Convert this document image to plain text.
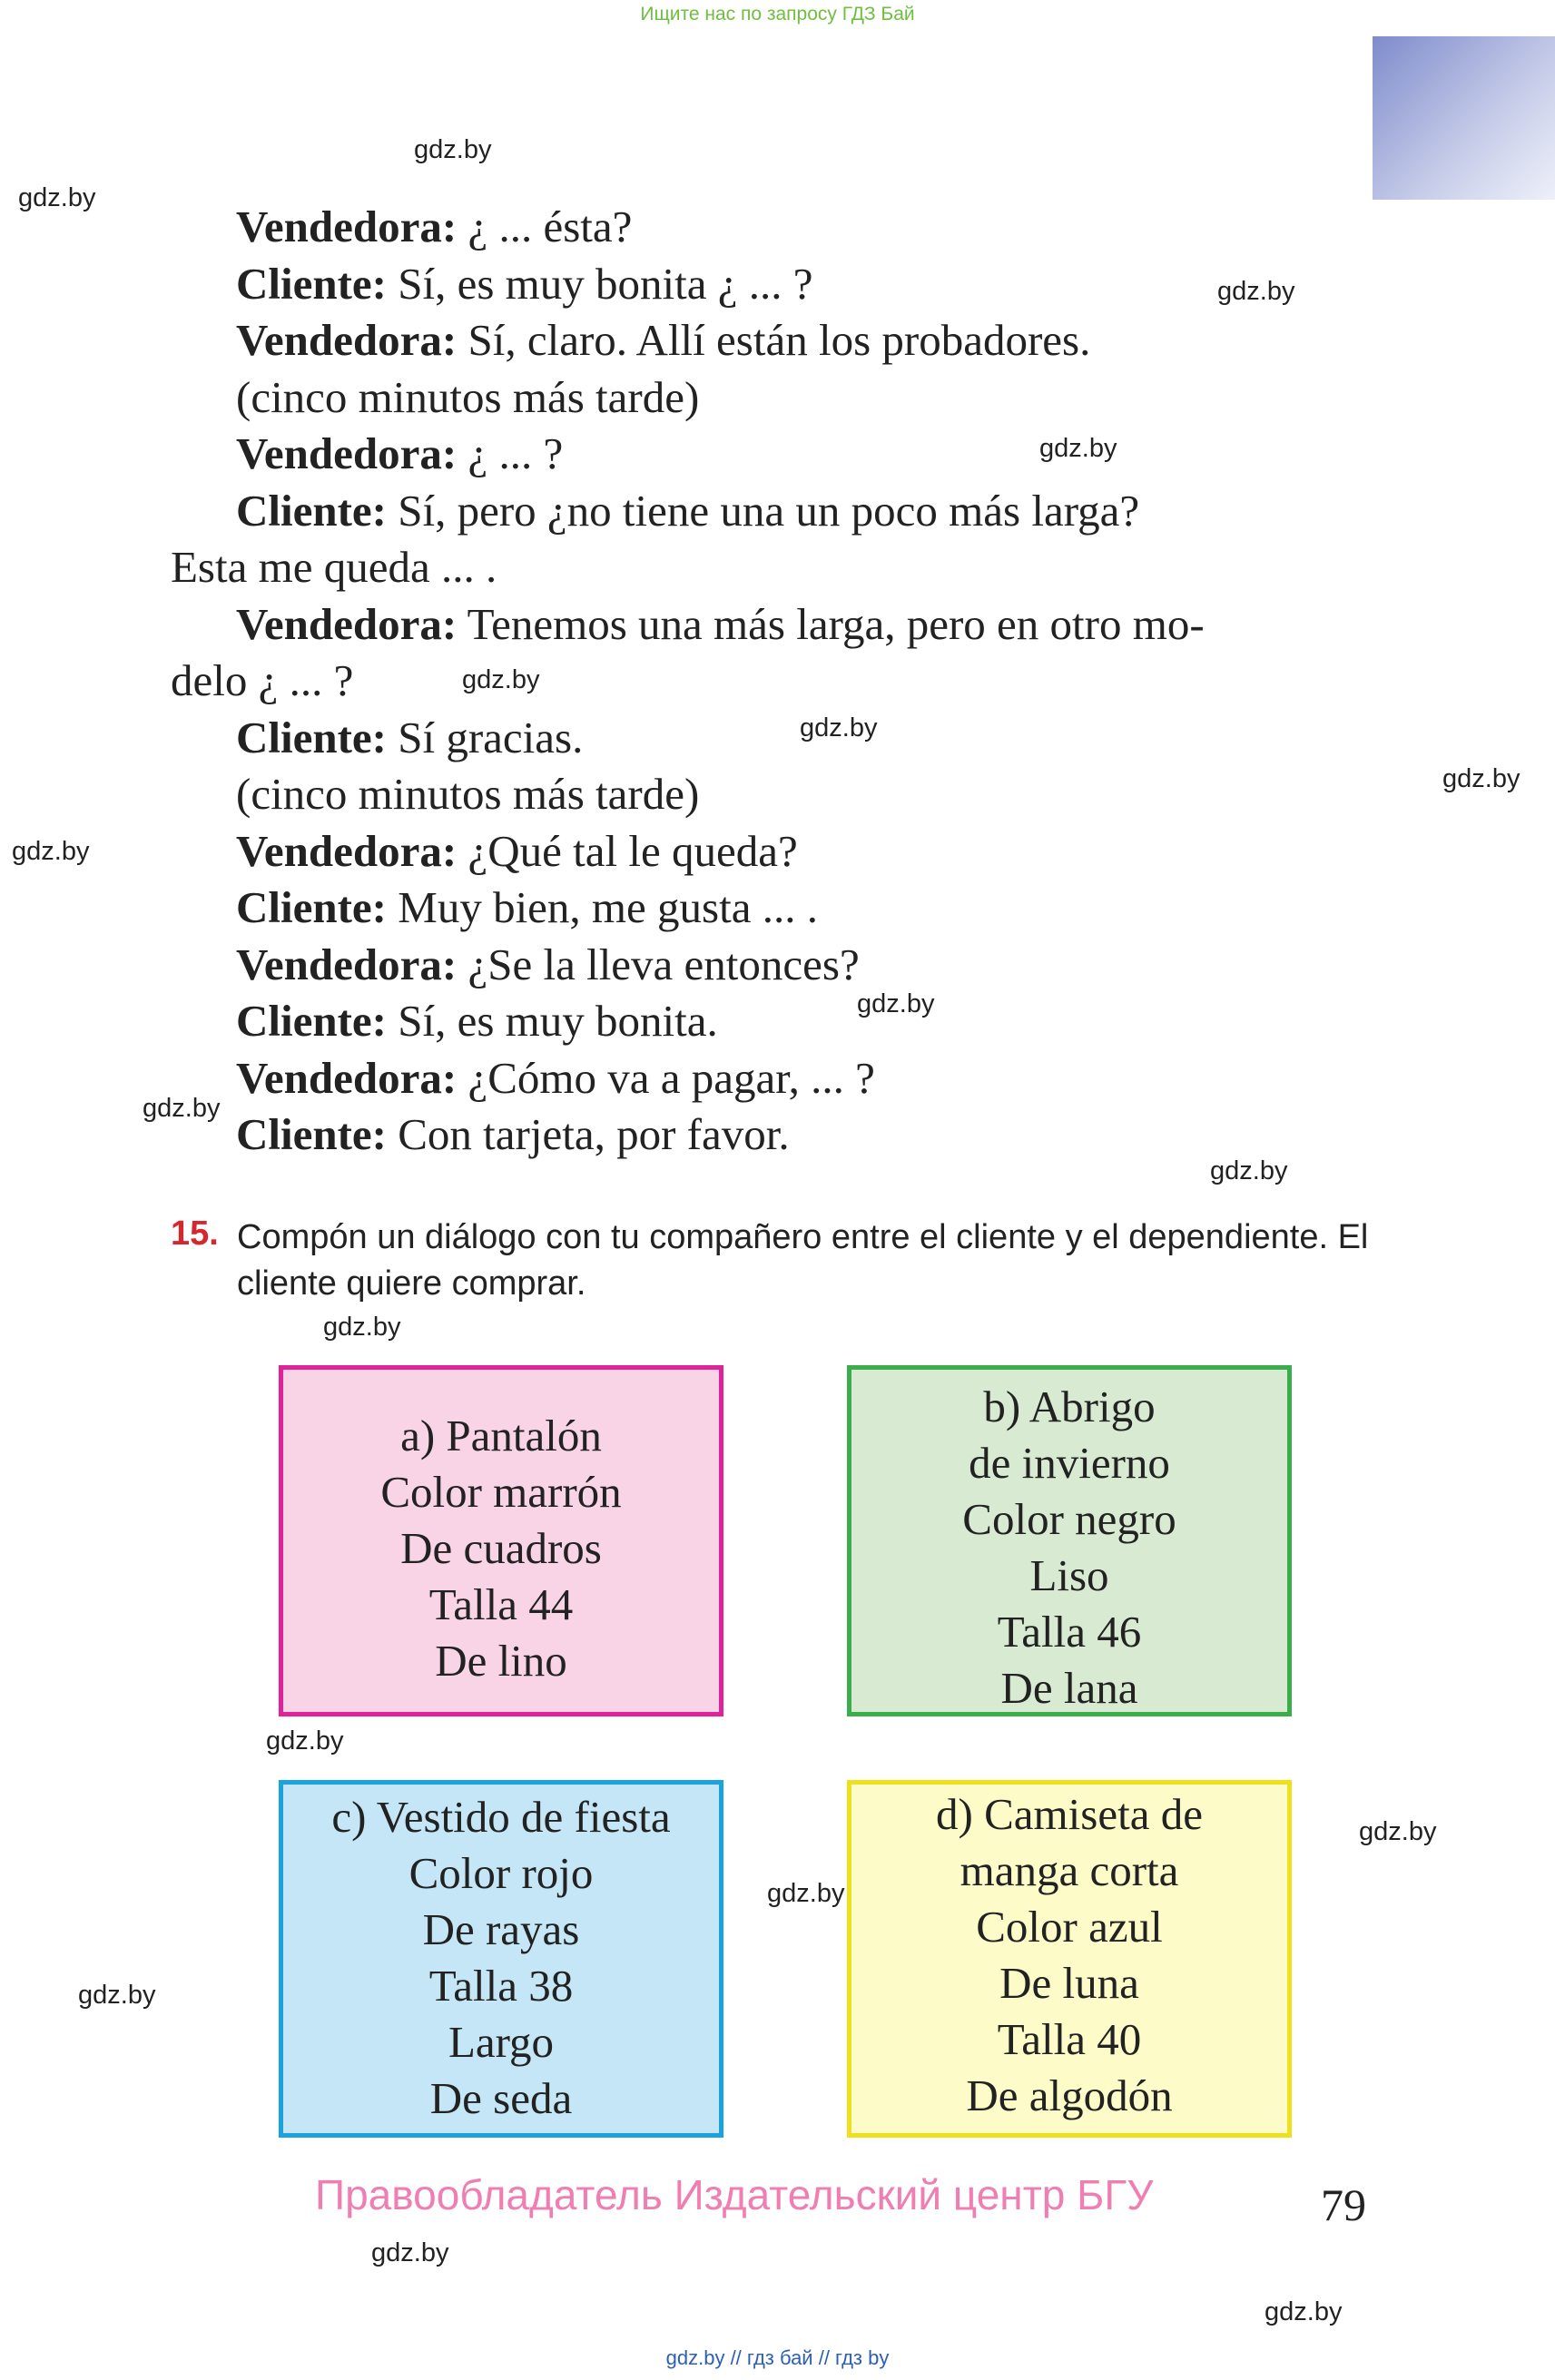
Ищите нас по запросу ГДЗ Бай
gdz.by
gdz.by
gdz.by
gdz.by
gdz.by
gdz.by
gdz.by
gdz.by
gdz.by
gdz.by
gdz.by
gdz.by
gdz.by
gdz.by
gdz.by
gdz.by
gdz.by
gdz.by
Vendedora: ¿ ... ésta?
Cliente: Sí, es muy bonita ¿ ... ?
Vendedora: Sí, claro. Allí están los probadores.
(cinco minutos más tarde)
Vendedora: ¿ ... ?
Cliente: Sí, pero ¿no tiene una un poco más larga?
Esta me queda ... .
Vendedora: Tenemos una más larga, pero en otro mo-
delo ¿ ... ?
Cliente: Sí gracias.
(cinco minutos más tarde)
Vendedora: ¿Qué tal le queda?
Cliente: Muy bien, me gusta ... .
Vendedora: ¿Se la lleva entonces?
Cliente: Sí, es muy bonita.
Vendedora: ¿Cómo va a pagar, ... ?
Cliente: Con tarjeta, por favor.
15. Compón un diálogo con tu compañero entre el cliente y el dependiente. El cliente quiere comprar.
a) Pantalón
Color marrón
De cuadros
Talla 44
De lino
b) Abrigo
de invierno
Color negro
Liso
Talla 46
De lana
c) Vestido de fiesta
Color rojo
De rayas
Talla 38
Largo
De seda
d) Camiseta de
manga corta
Color azul
De luna
Talla 40
De algodón
Правообладатель Издательский центр БГУ	79
gdz.by // гдз бай // гдз by
